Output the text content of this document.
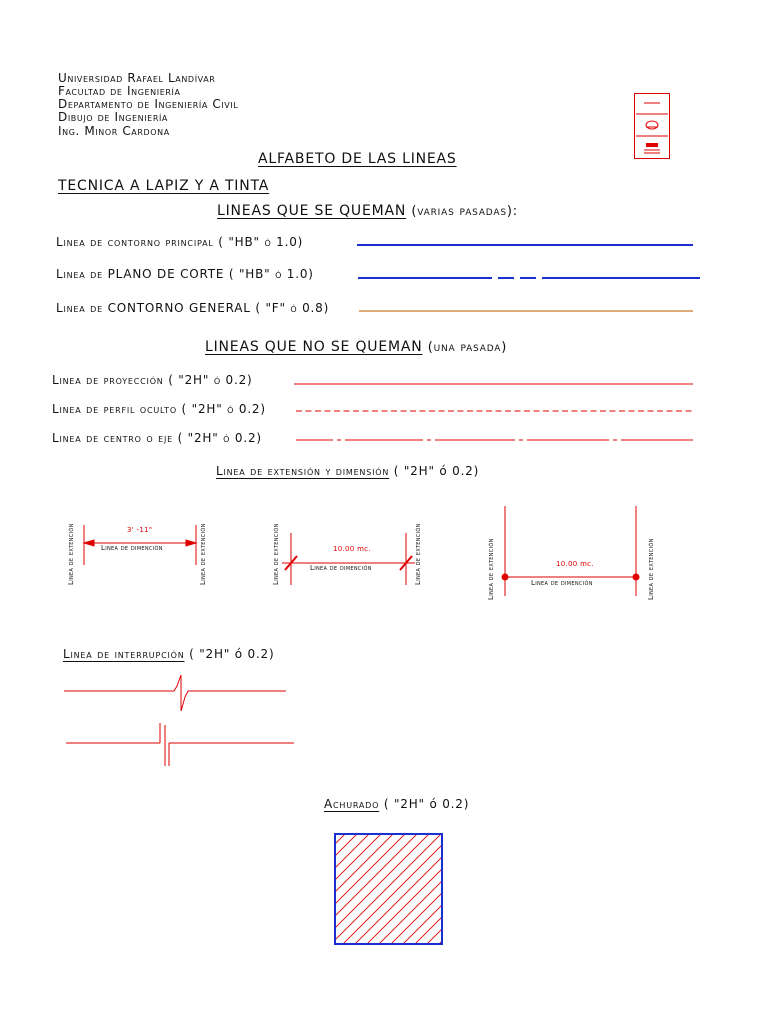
Universidad Rafael Landívar
Facultad de Ingeniería
Departamento de Ingeniería Civil
Dibujo de Ingeniería
Ing. Minor Cardona
ALFABETO DE LAS LINEAS
TECNICA A LAPIZ Y A TINTA
LINEAS QUE SE QUEMAN (varias pasadas):
Linea de contorno principal ( "HB" ó 1.0)
Linea de PLANO DE CORTE ( "HB" ó 1.0)
Linea de CONTORNO GENERAL ( "F" ó 0.8)
LINEAS QUE NO SE QUEMAN (una pasada)
Linea de proyección ( "2H" ó 0.2)
Linea de perfil oculto ( "2H" ó 0.2)
Linea de centro o eje ( "2H" ó 0.2)
Linea de extensión y dimensión ( "2H" ó 0.2)
Linea de interrupción ( "2H" ó 0.2)
Achurado ( "2H" ó 0.2)
Linea de extención	Linea de extención
3' -11"
Linea de dimención	Linea de extención	Linea de extención
10.00 mc.
Linea de dimención	Linea de extención	Linea de extención
10.00 mc.
Linea de dimención
